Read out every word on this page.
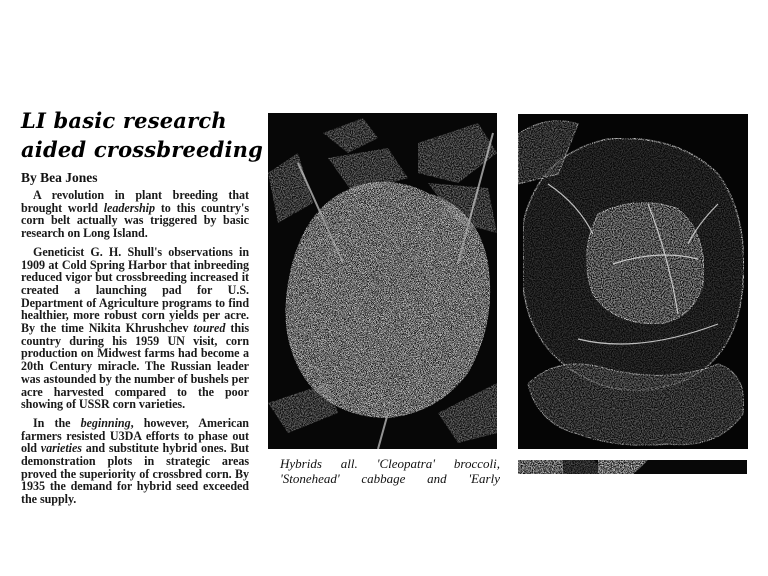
LI basic research
aided crossbreeding
By Bea Jones

A revolution in plant breeding that brought world leadership to this country's corn belt actually was triggered by basic research on Long Island.

Geneticist G. H. Shull's observations in 1909 at Cold Spring Harbor that inbreeding reduced vigor but crossbreeding increased it created a launching pad for U.S. Department of Agriculture programs to find healthier, more robust corn yields per acre. By the time Nikita Khrushchev toured this country during his 1959 UN visit, corn production on Midwest farms had become a 20th Century miracle. The Russian leader was astounded by the number of bushels per acre harvested compared to the poor showing of USSR corn varieties.

In the beginning, however, American farmers resisted U3DA efforts to phase out old varieties and substitute hybrid ones. But demonstration plots in strategic areas proved the superiority of crossbred corn. By 1935 the demand for hybrid seed exceeded the supply.

Hybrids all. 'Cleopatra' broccoli,
'Stonehead' cabbage and 'Early
